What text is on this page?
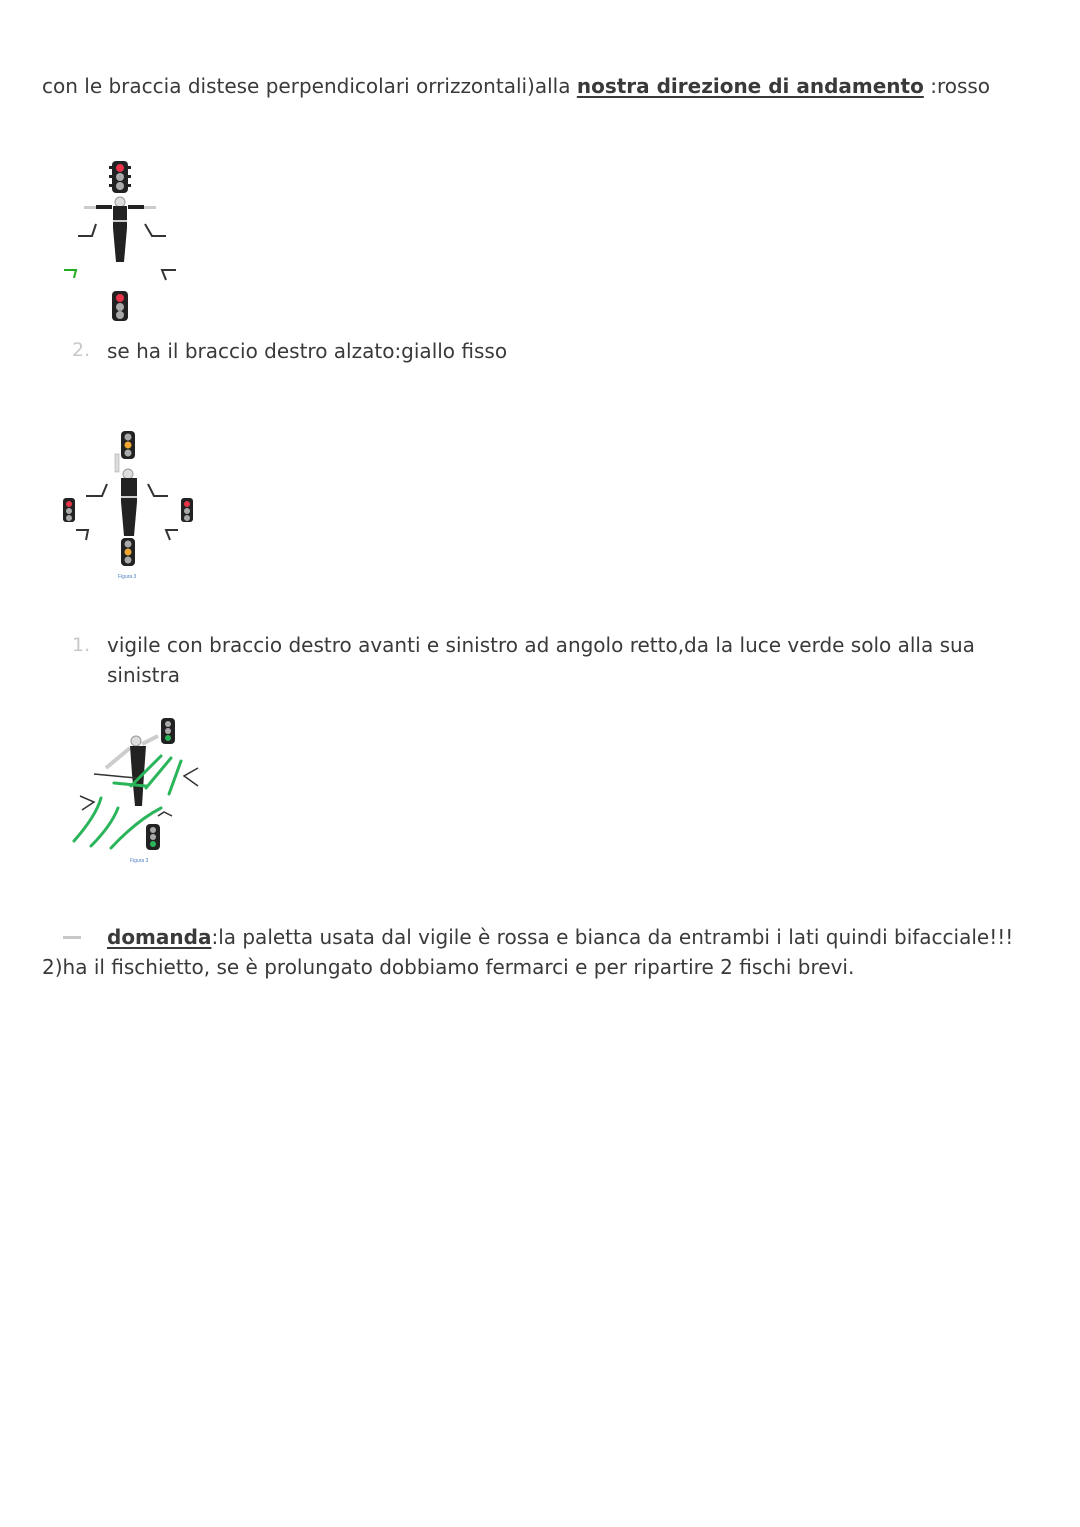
con le braccia distese perpendicolari orrizzontali)alla nostra direzione di andamento :rosso
2. se ha il braccio destro alzato:giallo fisso
Figura 3
1. vigile con braccio destro avanti e sinistro ad angolo retto,da la luce verde solo alla sua
sinistra
Figura 3
domanda:la paletta usata dal vigile è rossa e bianca da entrambi i lati quindi bifacciale!!!
2)ha il fischietto, se è prolungato dobbiamo fermarci e per ripartire 2 fischi brevi.
